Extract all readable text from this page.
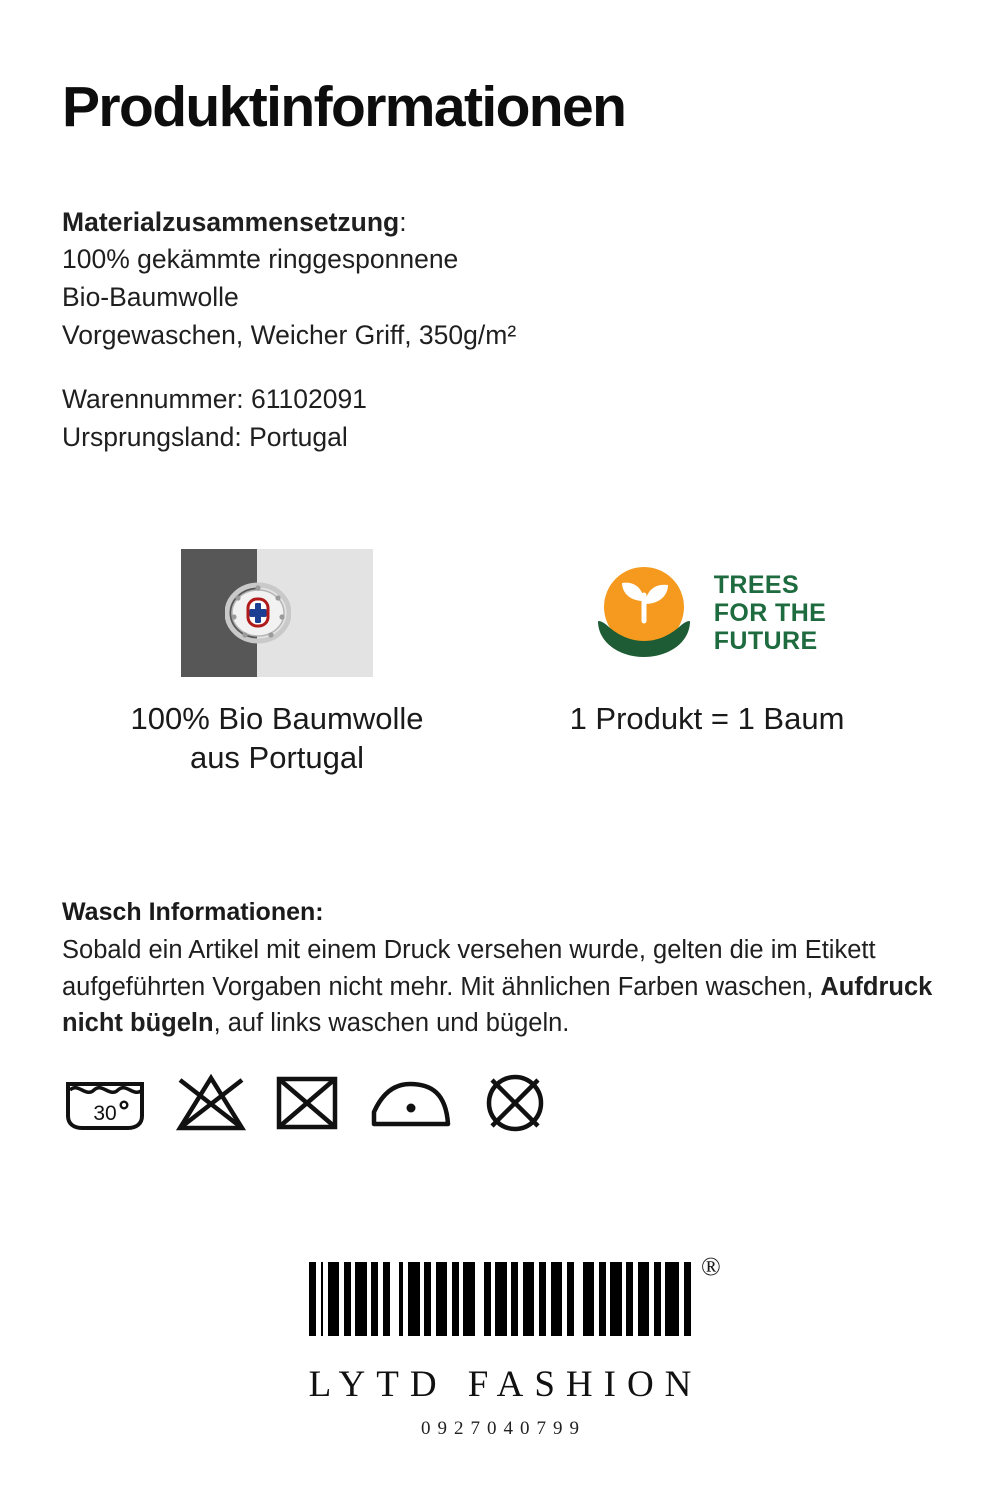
Produktinformationen
Materialzusammensetzung:
100% gekämmte ringgesponnene
Bio-Baumwolle
Vorgewaschen, Weicher Griff, 350g/m²
Warennummer: 61102091
Ursprungsland: Portugal
100% Bio Baumwolle
aus Portugal
TREES
FOR THE
FUTURE
1 Produkt = 1 Baum

Wasch Informationen:

Sobald ein Artikel mit einem Druck versehen wurde, gelten die im Etikett aufgeführten Vorgaben nicht mehr. Mit ähnlichen Farben waschen, Aufdruck nicht bügeln, auf links waschen und bügeln.

30
®
LYTD FASHION
0927040799
